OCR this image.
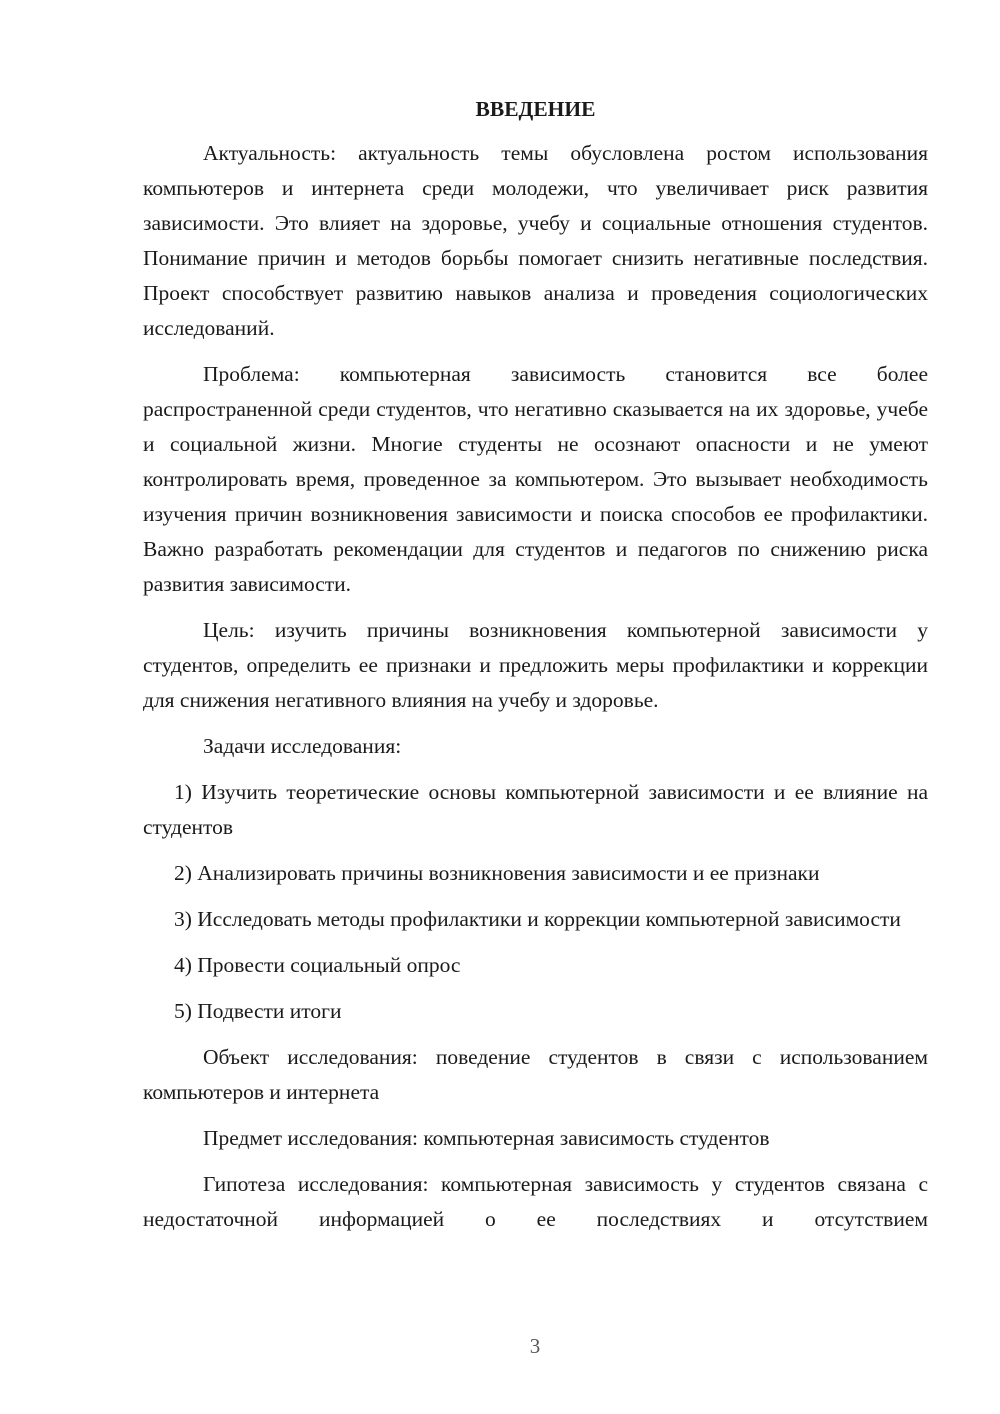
ВВЕДЕНИЕ

Актуальность: актуальность темы обусловлена ростом использования компьютеров и интернета среди молодежи, что увеличивает риск развития зависимости. Это влияет на здоровье, учебу и социальные отношения студентов. Понимание причин и методов борьбы помогает снизить негативные последствия. Проект способствует развитию навыков анализа и проведения социологических исследований.

Проблема: компьютерная зависимость становится все более распространенной среди студентов, что негативно сказывается на их здоровье, учебе и социальной жизни. Многие студенты не осознают опасности и не умеют контролировать время, проведенное за компьютером. Это вызывает необходимость изучения причин возникновения зависимости и поиска способов ее профилактики. Важно разработать рекомендации для студентов и педагогов по снижению риска развития зависимости.

Цель: изучить причины возникновения компьютерной зависимости у студентов, определить ее признаки и предложить меры профилактики и коррекции для снижения негативного влияния на учебу и здоровье.

Задачи исследования:

1) Изучить теоретические основы компьютерной зависимости и ее влияние на студентов

2) Анализировать причины возникновения зависимости и ее признаки

3) Исследовать методы профилактики и коррекции компьютерной зависимости

4) Провести социальный опрос

5) Подвести итоги

Объект исследования: поведение студентов в связи с использованием компьютеров и интернета

Предмет исследования: компьютерная зависимость студентов

Гипотеза исследования: компьютерная зависимость у студентов связана с недостаточной информацией о ее последствиях и отсутствием

3
